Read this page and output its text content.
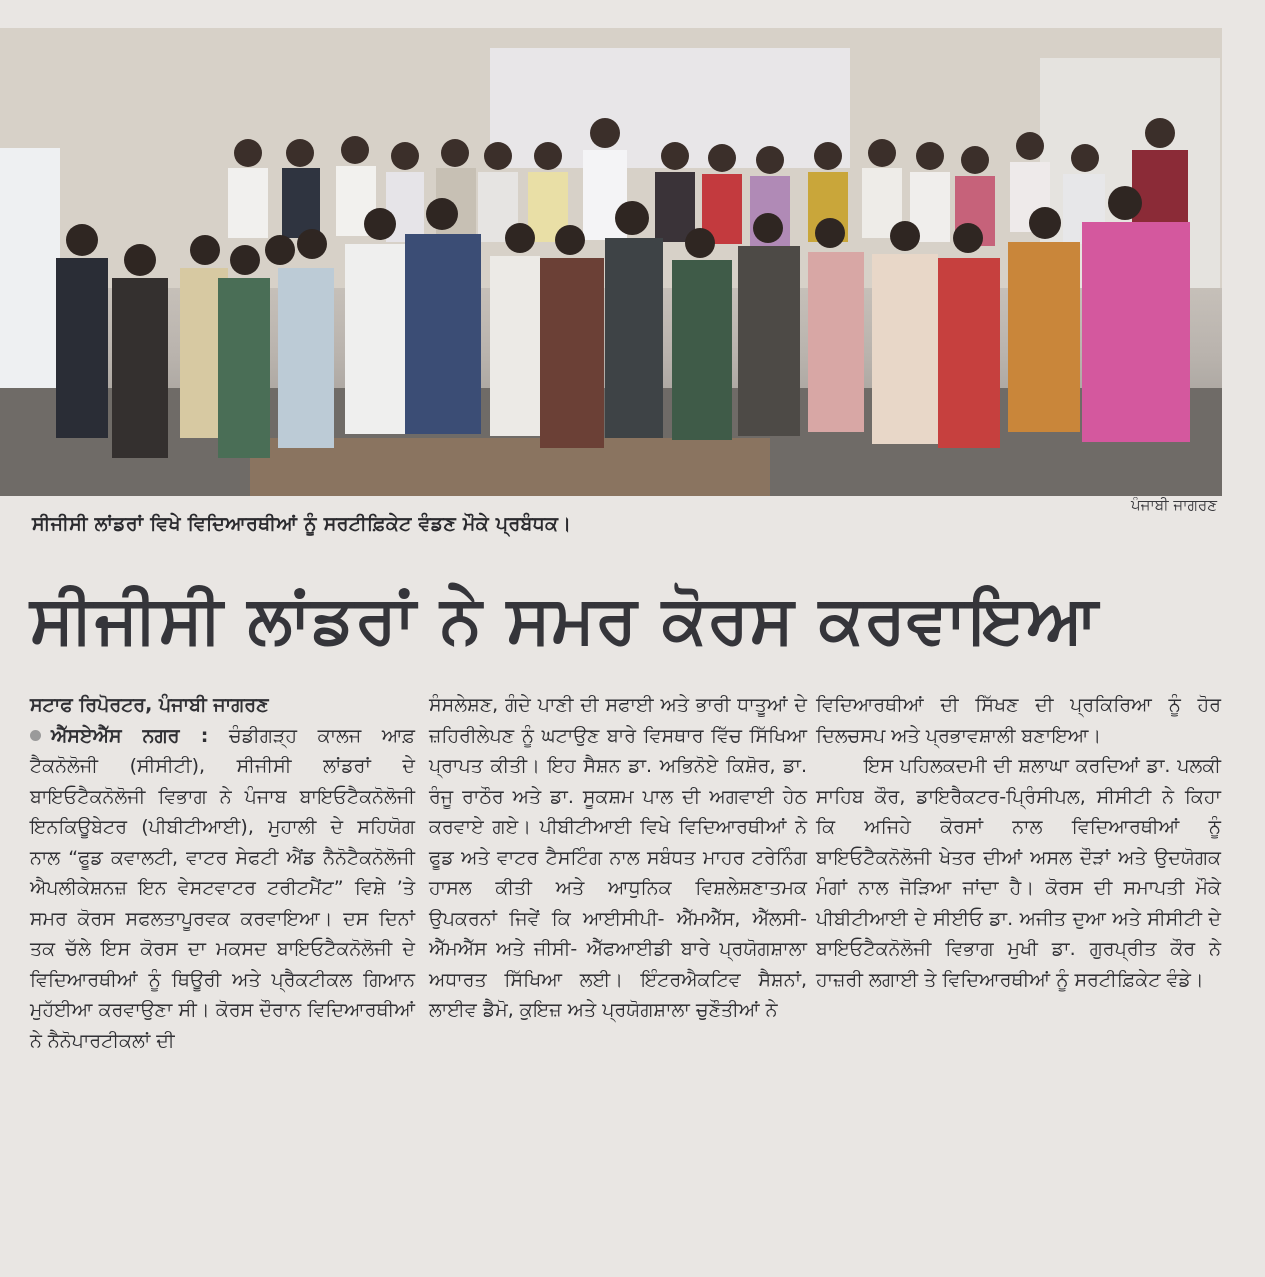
ਪੰਜਾਬੀ ਜਾਗਰਣ
ਸੀਜੀਸੀ ਲਾਂਡਰਾਂ ਵਿਖੇ ਵਿਦਿਆਰਥੀਆਂ ਨੂੰ ਸਰਟੀਫ਼ਿਕੇਟ ਵੰਡਣ ਮੌਕੇ ਪ੍ਰਬੰਧਕ।
ਸੀਜੀਸੀ ਲਾਂਡਰਾਂ ਨੇ ਸਮਰ ਕੋਰਸ ਕਰਵਾਇਆ

ਸਟਾਫ ਰਿਪੋਰਟਰ, ਪੰਜਾਬੀ ਜਾਗਰਣ

ਐੱਸਏਐੱਸ ਨਗਰ : ਚੰਡੀਗੜ੍ਹ ਕਾਲਜ ਆਫ਼ ਟੈਕਨੋਲੋਜੀ (ਸੀਸੀਟੀ), ਸੀਜੀਸੀ ਲਾਂਡਰਾਂ ਦੇ ਬਾਇਓਟੈਕਨੋਲੋਜੀ ਵਿਭਾਗ ਨੇ ਪੰਜਾਬ ਬਾਇਓਟੈਕਨੋਲੋਜੀ ਇਨਕਿਊਬੇਟਰ (ਪੀਬੀਟੀਆਈ), ਮੁਹਾਲੀ ਦੇ ਸਹਿਯੋਗ ਨਾਲ “ਫੂਡ ਕਵਾਲਟੀ, ਵਾਟਰ ਸੇਫਟੀ ਐਂਡ ਨੈਨੋਟੈਕਨੋਲੋਜੀ ਐਪਲੀਕੇਸ਼ਨਜ਼ ਇਨ ਵੇਸਟਵਾਟਰ ਟਰੀਟਮੈਂਟ” ਵਿਸ਼ੇ ’ਤੇ ਸਮਰ ਕੋਰਸ ਸਫਲਤਾਪੂਰਵਕ ਕਰਵਾਇਆ। ਦਸ ਦਿਨਾਂ ਤਕ ਚੱਲੇ ਇਸ ਕੋਰਸ ਦਾ ਮਕਸਦ ਬਾਇਓਟੈਕਨੋਲੋਜੀ ਦੇ ਵਿਦਿਆਰਥੀਆਂ ਨੂੰ ਥਿਊਰੀ ਅਤੇ ਪ੍ਰੈਕਟੀਕਲ ਗਿਆਨ ਮੁਹੱਈਆ ਕਰਵਾਉਣਾ ਸੀ। ਕੋਰਸ ਦੌਰਾਨ ਵਿਦਿਆਰਥੀਆਂ ਨੇ ਨੈਨੋਪਾਰਟੀਕਲਾਂ ਦੀ

ਸੰਸਲੇਸ਼ਣ, ਗੰਦੇ ਪਾਣੀ ਦੀ ਸਫਾਈ ਅਤੇ ਭਾਰੀ ਧਾਤੂਆਂ ਦੇ ਜ਼ਹਿਰੀਲੇਪਣ ਨੂੰ ਘਟਾਉਣ ਬਾਰੇ ਵਿਸਥਾਰ ਵਿੱਚ ਸਿੱਖਿਆ ਪ੍ਰਾਪਤ ਕੀਤੀ। ਇਹ ਸੈਸ਼ਨ ਡਾ. ਅਭਿਨੋਏ ਕਿਸ਼ੋਰ, ਡਾ. ਰੰਜੂ ਰਾਠੌਰ ਅਤੇ ਡਾ. ਸੂਕਸ਼ਮ ਪਾਲ ਦੀ ਅਗਵਾਈ ਹੇਠ ਕਰਵਾਏ ਗਏ। ਪੀਬੀਟੀਆਈ ਵਿਖੇ ਵਿਦਿਆਰਥੀਆਂ ਨੇ ਫੂਡ ਅਤੇ ਵਾਟਰ ਟੈਸਟਿੰਗ ਨਾਲ ਸਬੰਧਤ ਮਾਹਰ ਟਰੇਨਿੰਗ ਹਾਸਲ ਕੀਤੀ ਅਤੇ ਆਧੁਨਿਕ ਵਿਸ਼ਲੇਸ਼ਣਾਤਮਕ ਉਪਕਰਨਾਂ ਜਿਵੇਂ ਕਿ ਆਈਸੀਪੀ- ਐੱਮਐੱਸ, ਐੱਲਸੀ- ਐੱਮਐੱਸ ਅਤੇ ਜੀਸੀ- ਐੱਫਆਈਡੀ ਬਾਰੇ ਪ੍ਰਯੋਗਸ਼ਾਲਾ ਅਧਾਰਤ ਸਿੱਖਿਆ ਲਈ। ਇੰਟਰਐਕਟਿਵ ਸੈਸ਼ਨਾਂ, ਲਾਈਵ ਡੈਮੋ, ਕੁਇਜ਼ ਅਤੇ ਪ੍ਰਯੋਗਸ਼ਾਲਾ ਚੁਣੌਤੀਆਂ ਨੇ

ਵਿਦਿਆਰਥੀਆਂ ਦੀ ਸਿੱਖਣ ਦੀ ਪ੍ਰਕਿਰਿਆ ਨੂੰ ਹੋਰ ਦਿਲਚਸਪ ਅਤੇ ਪ੍ਰਭਾਵਸ਼ਾਲੀ ਬਣਾਇਆ।

ਇਸ ਪਹਿਲਕਦਮੀ ਦੀ ਸ਼ਲਾਘਾ ਕਰਦਿਆਂ ਡਾ. ਪਲਕੀ ਸਾਹਿਬ ਕੌਰ, ਡਾਇਰੈਕਟਰ-ਪ੍ਰਿੰਸੀਪਲ, ਸੀਸੀਟੀ ਨੇ ਕਿਹਾ ਕਿ ਅਜਿਹੇ ਕੋਰਸਾਂ ਨਾਲ ਵਿਦਿਆਰਥੀਆਂ ਨੂੰ ਬਾਇਓਟੈਕਨੋਲੋਜੀ ਖੇਤਰ ਦੀਆਂ ਅਸਲ ਦੌੜਾਂ ਅਤੇ ਉਦਯੋਗਕ ਮੰਗਾਂ ਨਾਲ ਜੋੜਿਆ ਜਾਂਦਾ ਹੈ। ਕੋਰਸ ਦੀ ਸਮਾਪਤੀ ਮੌਕੇ ਪੀਬੀਟੀਆਈ ਦੇ ਸੀਈਓ ਡਾ. ਅਜੀਤ ਦੁਆ ਅਤੇ ਸੀਸੀਟੀ ਦੇ ਬਾਇਓਟੈਕਨੋਲੋਜੀ ਵਿਭਾਗ ਮੁਖੀ ਡਾ. ਗੁਰਪ੍ਰੀਤ ਕੌਰ ਨੇ ਹਾਜ਼ਰੀ ਲਗਾਈ ਤੇ ਵਿਦਿਆਰਥੀਆਂ ਨੂੰ ਸਰਟੀਫ਼ਿਕੇਟ ਵੰਡੇ।
